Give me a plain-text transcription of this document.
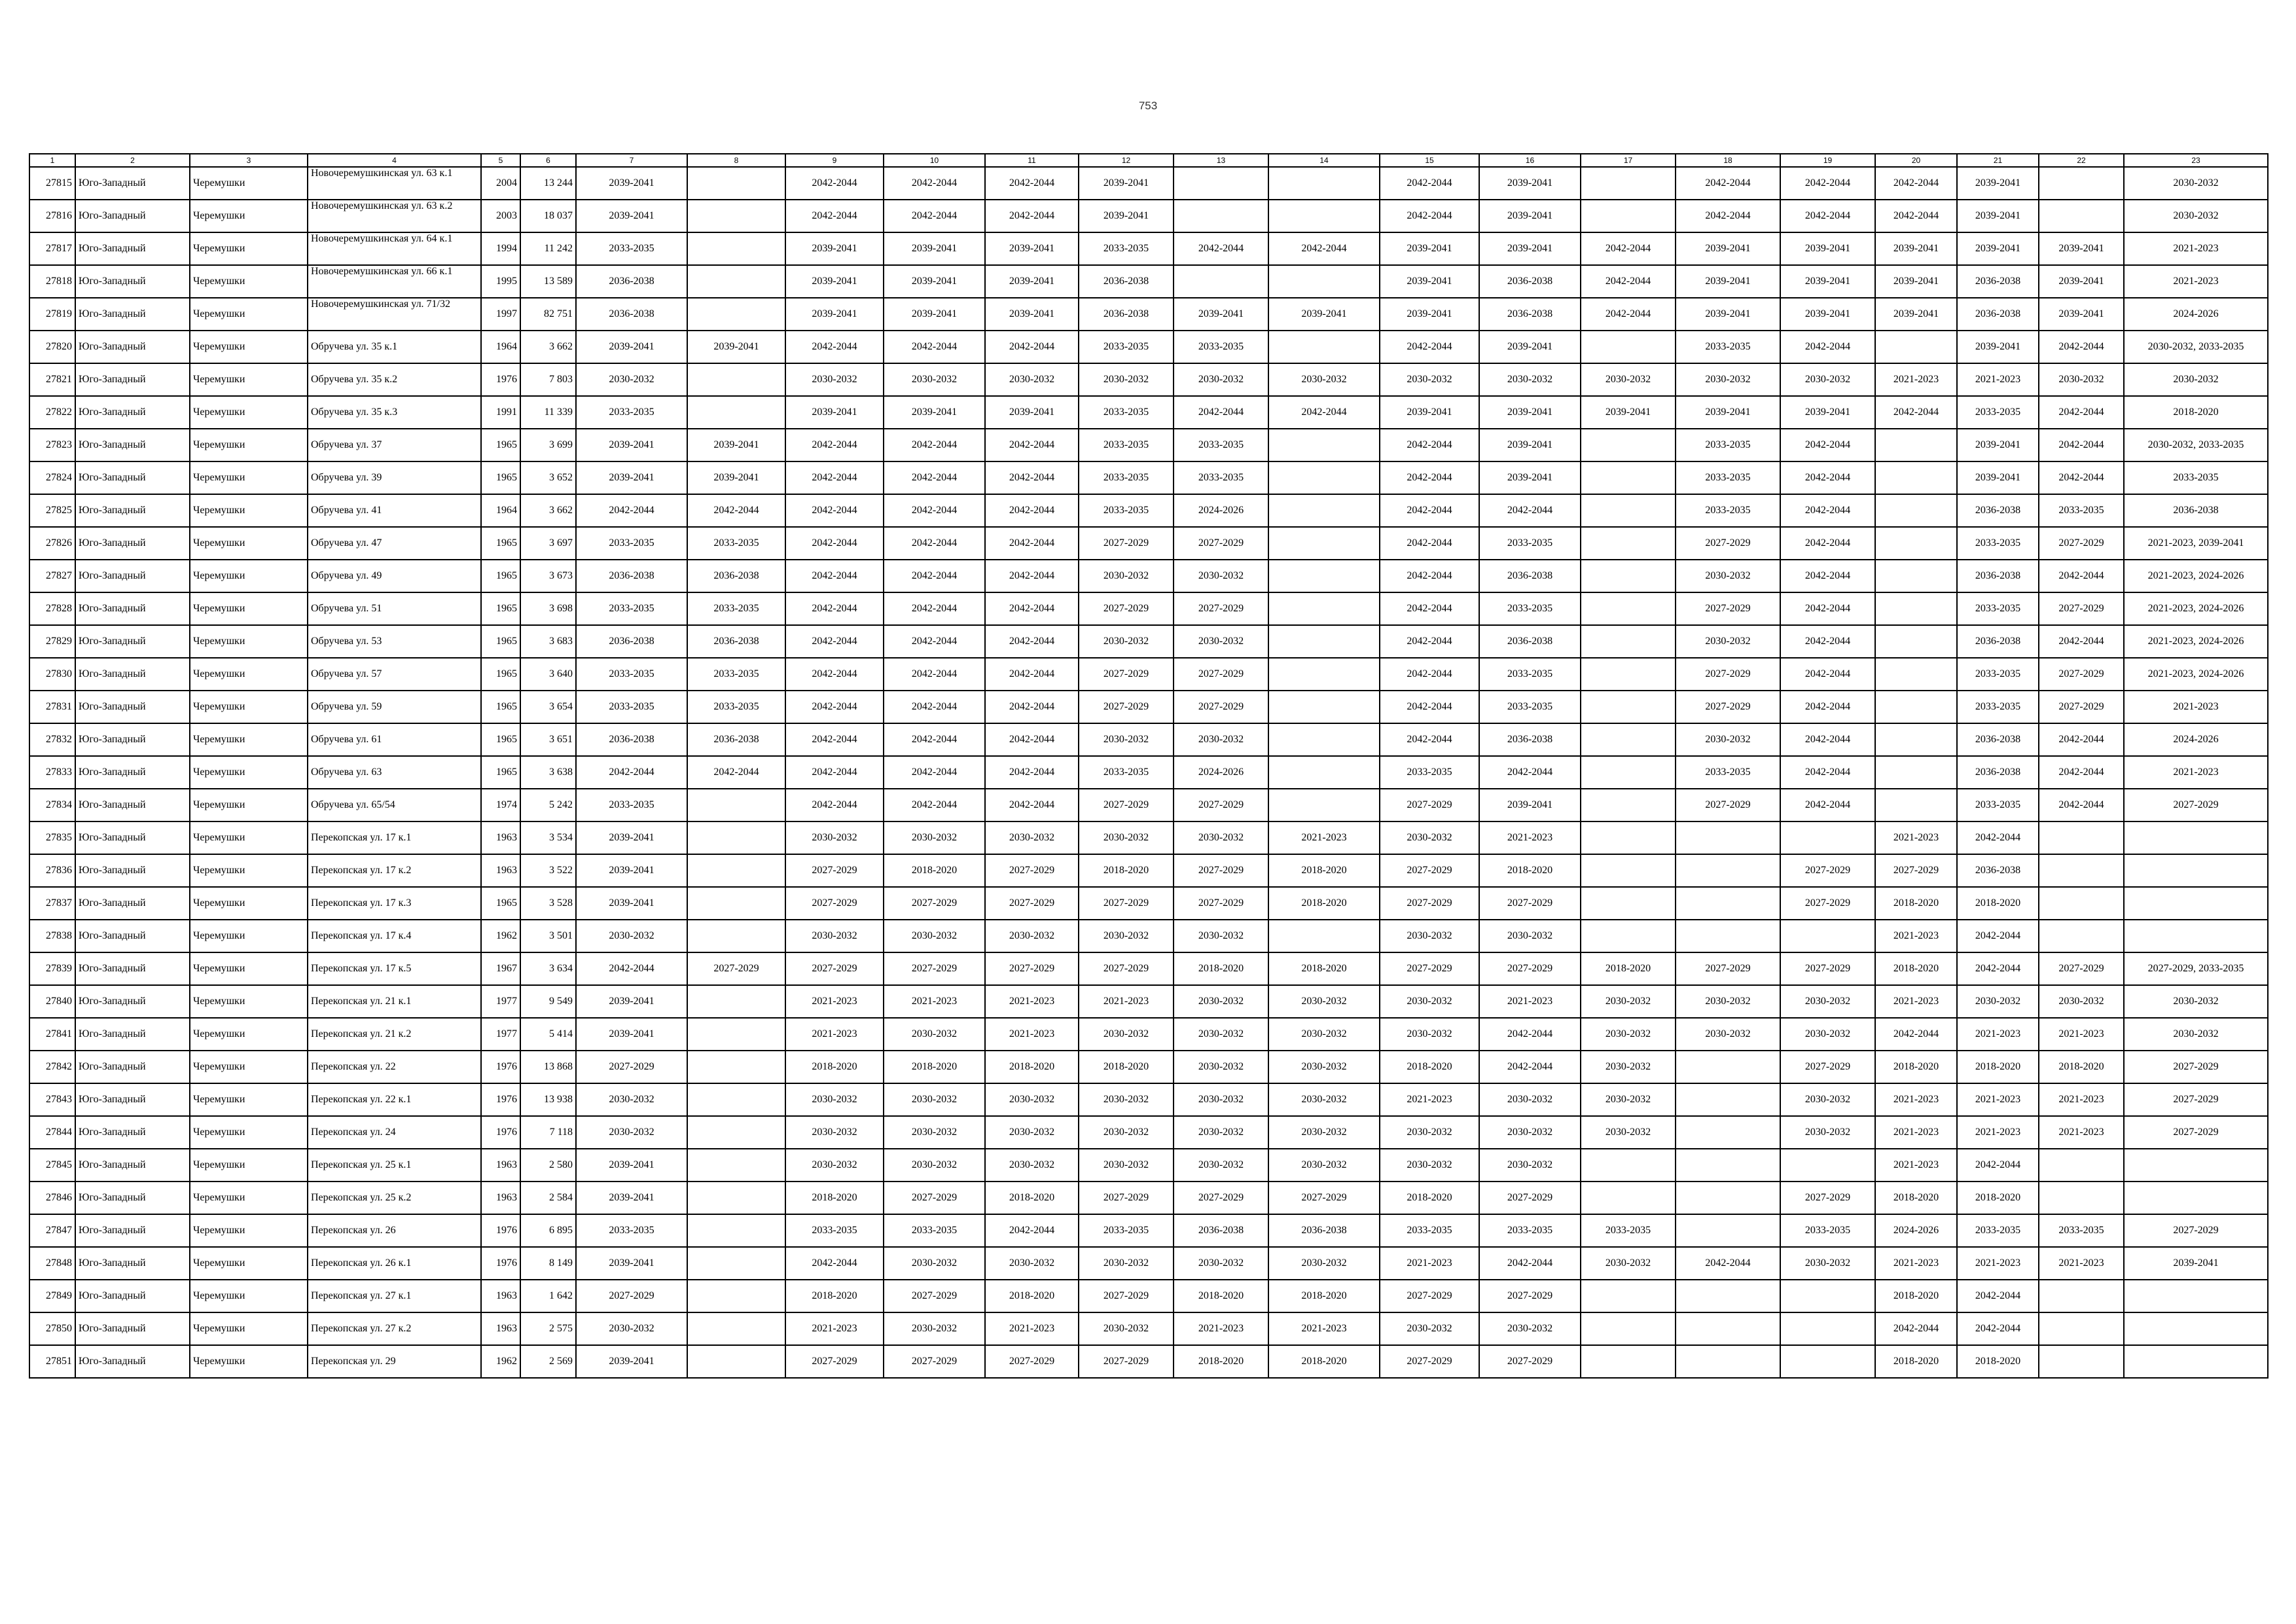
753
1	2	3	4	5	6	7	8	9	10	11	12	13	14	15	16	17	18	19	20	21	22	23
27815	Юго-Западный	Черемушки	Новочеремушкинская ул. 63 к.1	2004	13 244	2039-2041		2042-2044	2042-2044	2042-2044	2039-2041			2042-2044	2039-2041		2042-2044	2042-2044	2042-2044	2039-2041		2030-2032
27816	Юго-Западный	Черемушки	Новочеремушкинская ул. 63 к.2	2003	18 037	2039-2041		2042-2044	2042-2044	2042-2044	2039-2041			2042-2044	2039-2041		2042-2044	2042-2044	2042-2044	2039-2041		2030-2032
27817	Юго-Западный	Черемушки	Новочеремушкинская ул. 64 к.1	1994	11 242	2033-2035		2039-2041	2039-2041	2039-2041	2033-2035	2042-2044	2042-2044	2039-2041	2039-2041	2042-2044	2039-2041	2039-2041	2039-2041	2039-2041	2039-2041	2021-2023
27818	Юго-Западный	Черемушки	Новочеремушкинская ул. 66 к.1	1995	13 589	2036-2038		2039-2041	2039-2041	2039-2041	2036-2038			2039-2041	2036-2038	2042-2044	2039-2041	2039-2041	2039-2041	2036-2038	2039-2041	2021-2023
27819	Юго-Западный	Черемушки	Новочеремушкинская ул. 71/32	1997	82 751	2036-2038		2039-2041	2039-2041	2039-2041	2036-2038	2039-2041	2039-2041	2039-2041	2036-2038	2042-2044	2039-2041	2039-2041	2039-2041	2036-2038	2039-2041	2024-2026
27820	Юго-Западный	Черемушки	Обручева ул. 35 к.1	1964	3 662	2039-2041	2039-2041	2042-2044	2042-2044	2042-2044	2033-2035	2033-2035		2042-2044	2039-2041		2033-2035	2042-2044		2039-2041	2042-2044	2030-2032, 2033-2035
27821	Юго-Западный	Черемушки	Обручева ул. 35 к.2	1976	7 803	2030-2032		2030-2032	2030-2032	2030-2032	2030-2032	2030-2032	2030-2032	2030-2032	2030-2032	2030-2032	2030-2032	2030-2032	2021-2023	2021-2023	2030-2032	2030-2032
27822	Юго-Западный	Черемушки	Обручева ул. 35 к.3	1991	11 339	2033-2035		2039-2041	2039-2041	2039-2041	2033-2035	2042-2044	2042-2044	2039-2041	2039-2041	2039-2041	2039-2041	2039-2041	2042-2044	2033-2035	2042-2044	2018-2020
27823	Юго-Западный	Черемушки	Обручева ул. 37	1965	3 699	2039-2041	2039-2041	2042-2044	2042-2044	2042-2044	2033-2035	2033-2035		2042-2044	2039-2041		2033-2035	2042-2044		2039-2041	2042-2044	2030-2032, 2033-2035
27824	Юго-Западный	Черемушки	Обручева ул. 39	1965	3 652	2039-2041	2039-2041	2042-2044	2042-2044	2042-2044	2033-2035	2033-2035		2042-2044	2039-2041		2033-2035	2042-2044		2039-2041	2042-2044	2033-2035
27825	Юго-Западный	Черемушки	Обручева ул. 41	1964	3 662	2042-2044	2042-2044	2042-2044	2042-2044	2042-2044	2033-2035	2024-2026		2042-2044	2042-2044		2033-2035	2042-2044		2036-2038	2033-2035	2036-2038
27826	Юго-Западный	Черемушки	Обручева ул. 47	1965	3 697	2033-2035	2033-2035	2042-2044	2042-2044	2042-2044	2027-2029	2027-2029		2042-2044	2033-2035		2027-2029	2042-2044		2033-2035	2027-2029	2021-2023, 2039-2041
27827	Юго-Западный	Черемушки	Обручева ул. 49	1965	3 673	2036-2038	2036-2038	2042-2044	2042-2044	2042-2044	2030-2032	2030-2032		2042-2044	2036-2038		2030-2032	2042-2044		2036-2038	2042-2044	2021-2023, 2024-2026
27828	Юго-Западный	Черемушки	Обручева ул. 51	1965	3 698	2033-2035	2033-2035	2042-2044	2042-2044	2042-2044	2027-2029	2027-2029		2042-2044	2033-2035		2027-2029	2042-2044		2033-2035	2027-2029	2021-2023, 2024-2026
27829	Юго-Западный	Черемушки	Обручева ул. 53	1965	3 683	2036-2038	2036-2038	2042-2044	2042-2044	2042-2044	2030-2032	2030-2032		2042-2044	2036-2038		2030-2032	2042-2044		2036-2038	2042-2044	2021-2023, 2024-2026
27830	Юго-Западный	Черемушки	Обручева ул. 57	1965	3 640	2033-2035	2033-2035	2042-2044	2042-2044	2042-2044	2027-2029	2027-2029		2042-2044	2033-2035		2027-2029	2042-2044		2033-2035	2027-2029	2021-2023, 2024-2026
27831	Юго-Западный	Черемушки	Обручева ул. 59	1965	3 654	2033-2035	2033-2035	2042-2044	2042-2044	2042-2044	2027-2029	2027-2029		2042-2044	2033-2035		2027-2029	2042-2044		2033-2035	2027-2029	2021-2023
27832	Юго-Западный	Черемушки	Обручева ул. 61	1965	3 651	2036-2038	2036-2038	2042-2044	2042-2044	2042-2044	2030-2032	2030-2032		2042-2044	2036-2038		2030-2032	2042-2044		2036-2038	2042-2044	2024-2026
27833	Юго-Западный	Черемушки	Обручева ул. 63	1965	3 638	2042-2044	2042-2044	2042-2044	2042-2044	2042-2044	2033-2035	2024-2026		2033-2035	2042-2044		2033-2035	2042-2044		2036-2038	2042-2044	2021-2023
27834	Юго-Западный	Черемушки	Обручева ул. 65/54	1974	5 242	2033-2035		2042-2044	2042-2044	2042-2044	2027-2029	2027-2029		2027-2029	2039-2041		2027-2029	2042-2044		2033-2035	2042-2044	2027-2029
27835	Юго-Западный	Черемушки	Перекопская ул. 17 к.1	1963	3 534	2039-2041		2030-2032	2030-2032	2030-2032	2030-2032	2030-2032	2021-2023	2030-2032	2021-2023				2021-2023	2042-2044		
27836	Юго-Западный	Черемушки	Перекопская ул. 17 к.2	1963	3 522	2039-2041		2027-2029	2018-2020	2027-2029	2018-2020	2027-2029	2018-2020	2027-2029	2018-2020			2027-2029	2027-2029	2036-2038		
27837	Юго-Западный	Черемушки	Перекопская ул. 17 к.3	1965	3 528	2039-2041		2027-2029	2027-2029	2027-2029	2027-2029	2027-2029	2018-2020	2027-2029	2027-2029			2027-2029	2018-2020	2018-2020		
27838	Юго-Западный	Черемушки	Перекопская ул. 17 к.4	1962	3 501	2030-2032		2030-2032	2030-2032	2030-2032	2030-2032	2030-2032		2030-2032	2030-2032				2021-2023	2042-2044		
27839	Юго-Западный	Черемушки	Перекопская ул. 17 к.5	1967	3 634	2042-2044	2027-2029	2027-2029	2027-2029	2027-2029	2027-2029	2018-2020	2018-2020	2027-2029	2027-2029	2018-2020	2027-2029	2027-2029	2018-2020	2042-2044	2027-2029	2027-2029, 2033-2035
27840	Юго-Западный	Черемушки	Перекопская ул. 21 к.1	1977	9 549	2039-2041		2021-2023	2021-2023	2021-2023	2021-2023	2030-2032	2030-2032	2030-2032	2021-2023	2030-2032	2030-2032	2030-2032	2021-2023	2030-2032	2030-2032	2030-2032
27841	Юго-Западный	Черемушки	Перекопская ул. 21 к.2	1977	5 414	2039-2041		2021-2023	2030-2032	2021-2023	2030-2032	2030-2032	2030-2032	2030-2032	2042-2044	2030-2032	2030-2032	2030-2032	2042-2044	2021-2023	2021-2023	2030-2032
27842	Юго-Западный	Черемушки	Перекопская ул. 22	1976	13 868	2027-2029		2018-2020	2018-2020	2018-2020	2018-2020	2030-2032	2030-2032	2018-2020	2042-2044	2030-2032		2027-2029	2018-2020	2018-2020	2018-2020	2027-2029
27843	Юго-Западный	Черемушки	Перекопская ул. 22 к.1	1976	13 938	2030-2032		2030-2032	2030-2032	2030-2032	2030-2032	2030-2032	2030-2032	2021-2023	2030-2032	2030-2032		2030-2032	2021-2023	2021-2023	2021-2023	2027-2029
27844	Юго-Западный	Черемушки	Перекопская ул. 24	1976	7 118	2030-2032		2030-2032	2030-2032	2030-2032	2030-2032	2030-2032	2030-2032	2030-2032	2030-2032	2030-2032		2030-2032	2021-2023	2021-2023	2021-2023	2027-2029
27845	Юго-Западный	Черемушки	Перекопская ул. 25 к.1	1963	2 580	2039-2041		2030-2032	2030-2032	2030-2032	2030-2032	2030-2032	2030-2032	2030-2032	2030-2032				2021-2023	2042-2044		
27846	Юго-Западный	Черемушки	Перекопская ул. 25 к.2	1963	2 584	2039-2041		2018-2020	2027-2029	2018-2020	2027-2029	2027-2029	2027-2029	2018-2020	2027-2029			2027-2029	2018-2020	2018-2020		
27847	Юго-Западный	Черемушки	Перекопская ул. 26	1976	6 895	2033-2035		2033-2035	2033-2035	2042-2044	2033-2035	2036-2038	2036-2038	2033-2035	2033-2035	2033-2035		2033-2035	2024-2026	2033-2035	2033-2035	2027-2029
27848	Юго-Западный	Черемушки	Перекопская ул. 26 к.1	1976	8 149	2039-2041		2042-2044	2030-2032	2030-2032	2030-2032	2030-2032	2030-2032	2021-2023	2042-2044	2030-2032	2042-2044	2030-2032	2021-2023	2021-2023	2021-2023	2039-2041
27849	Юго-Западный	Черемушки	Перекопская ул. 27 к.1	1963	1 642	2027-2029		2018-2020	2027-2029	2018-2020	2027-2029	2018-2020	2018-2020	2027-2029	2027-2029				2018-2020	2042-2044		
27850	Юго-Западный	Черемушки	Перекопская ул. 27 к.2	1963	2 575	2030-2032		2021-2023	2030-2032	2021-2023	2030-2032	2021-2023	2021-2023	2030-2032	2030-2032				2042-2044	2042-2044		
27851	Юго-Западный	Черемушки	Перекопская ул. 29	1962	2 569	2039-2041		2027-2029	2027-2029	2027-2029	2027-2029	2018-2020	2018-2020	2027-2029	2027-2029				2018-2020	2018-2020		
